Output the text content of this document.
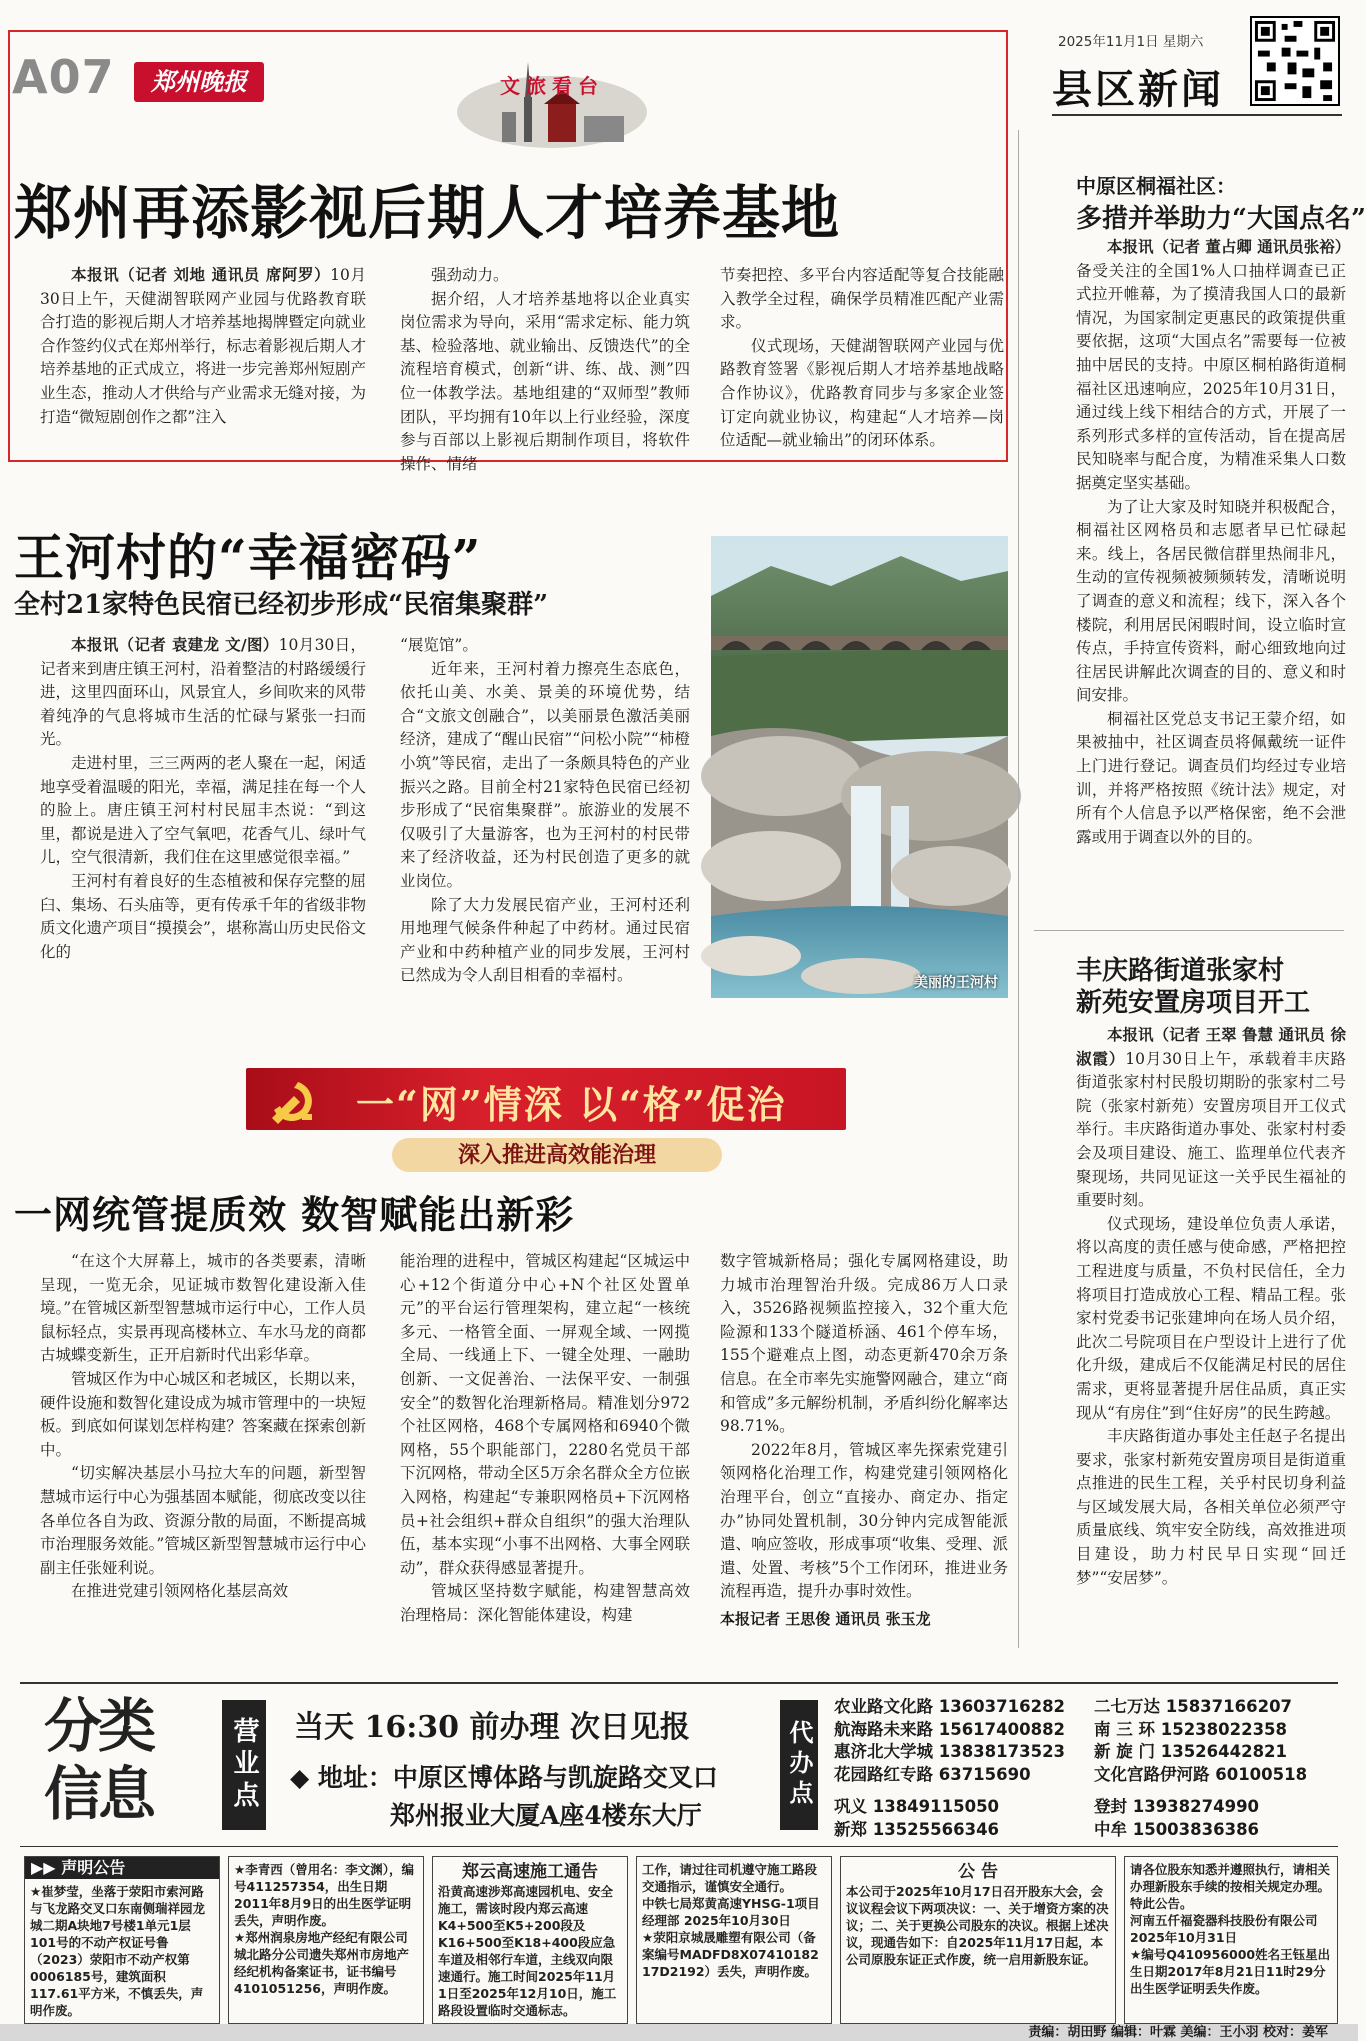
A07	郑州晚报	文旅看台
2025年11月1日 星期六
县区新闻
郑州再添影视后期人才培养基地

本报讯（记者 刘地 通讯员 席阿罗）10月30日上午，天健湖智联网产业园与优路教育联合打造的影视后期人才培养基地揭牌暨定向就业合作签约仪式在郑州举行，标志着影视后期人才培养基地的正式成立，将进一步完善郑州短剧产业生态，推动人才供给与产业需求无缝对接，为打造“微短剧创作之都”注入

强劲动力。

据介绍，人才培养基地将以企业真实岗位需求为导向，采用“需求定标、能力筑基、检验落地、就业输出、反馈迭代”的全流程培育模式，创新“讲、练、战、测”四位一体教学法。基地组建的“双师型”教师团队，平均拥有10年以上行业经验，深度参与百部以上影视后期制作项目，将软件操作、情绪

节奏把控、多平台内容适配等复合技能融入教学全过程，确保学员精准匹配产业需求。

仪式现场，天健湖智联网产业园与优路教育签署《影视后期人才培养基地战略合作协议》，优路教育同步与多家企业签订定向就业协议，构建起“人才培养—岗位适配—就业输出”的闭环体系。

王河村的“幸福密码”
全村21家特色民宿已经初步形成“民宿集聚群”

本报讯（记者 袁建龙 文/图）10月30日，记者来到唐庄镇王河村，沿着整洁的村路缓缓行进，这里四面环山，风景宜人，乡间吹来的风带着纯净的气息将城市生活的忙碌与紧张一扫而光。

走进村里，三三两两的老人聚在一起，闲适地享受着温暖的阳光，幸福，满足挂在每一个人的脸上。唐庄镇王河村村民屈丰杰说：“到这里，都说是进入了空气氧吧，花香气儿、绿叶气儿，空气很清新，我们住在这里感觉很幸福。”

王河村有着良好的生态植被和保存完整的屈臼、集场、石头庙等，更有传承千年的省级非物质文化遗产项目“摸摸会”，堪称嵩山历史民俗文化的

“展览馆”。

近年来，王河村着力擦亮生态底色，依托山美、水美、景美的环境优势，结合“文旅文创融合”，以美丽景色激活美丽经济，建成了“醒山民宿”“问松小院”“柿橙小筑”等民宿，走出了一条颇具特色的产业振兴之路。目前全村21家特色民宿已经初步形成了“民宿集聚群”。旅游业的发展不仅吸引了大量游客，也为王河村的村民带来了经济收益，还为村民创造了更多的就业岗位。

除了大力发展民宿产业，王河村还利用地理气候条件种起了中药材。通过民宿产业和中药种植产业的同步发展，王河村已然成为令人刮目相看的幸福村。	美丽的王河村
一“网”情深 以“格”促治
深入推进高效能治理
一网统管提质效 数智赋能出新彩

“在这个大屏幕上，城市的各类要素，清晰呈现，一览无余，见证城市数智化建设渐入佳境。”在管城区新型智慧城市运行中心，工作人员鼠标轻点，实景再现高楼林立、车水马龙的商都古城蝶变新生，正开启新时代出彩华章。

管城区作为中心城区和老城区，长期以来，硬件设施和数智化建设成为城市管理中的一块短板。到底如何谋划怎样构建？答案藏在探索创新中。

“切实解决基层小马拉大车的问题，新型智慧城市运行中心为强基固本赋能，彻底改变以往各单位各自为政、资源分散的局面，不断提高城市治理服务效能。”管城区新型智慧城市运行中心副主任张娅利说。

在推进党建引领网格化基层高效

能治理的进程中，管城区构建起“区城运中心+12个街道分中心+N个社区处置单元”的平台运行管理架构，建立起“一核统多元、一格管全面、一屏观全域、一网揽全局、一线通上下、一键全处理、一融助创新、一文促善治、一法保平安、一制强安全”的数智化治理新格局。精准划分972个社区网格，468个专属网格和6940个微网格，55个职能部门，2280名党员干部下沉网格，带动全区5万余名群众全方位嵌入网格，构建起“专兼职网格员+下沉网格员+社会组织+群众自组织”的强大治理队伍，基本实现“小事不出网格、大事全网联动”，群众获得感显著提升。

管城区坚持数字赋能，构建智慧高效治理格局：深化智能体建设，构建

数字管城新格局；强化专属网格建设，助力城市治理智治升级。完成86万人口录入，3526路视频监控接入，32个重大危险源和133个隧道桥涵、461个停车场，155个避难点上图，动态更新470余万条信息。在全市率先实施警网融合，建立“商和管成”多元解纷机制，矛盾纠纷化解率达98.71%。

2022年8月，管城区率先探索党建引领网格化治理工作，构建党建引领网格化治理平台，创立“直接办、商定办、指定办”协同处置机制，30分钟内完成智能派遣、响应签收，形成事项“收集、受理、派遣、处置、考核”5个工作闭环，推进业务流程再造，提升办事时效性。

本报记者 王思俊 通讯员 张玉龙
中原区桐福社区：
多措并举助力“大国点名”

本报讯（记者 董占卿 通讯员张裕）备受关注的全国1%人口抽样调查已正式拉开帷幕，为了摸清我国人口的最新情况，为国家制定更惠民的政策提供重要依据，这项“大国点名”需要每一位被抽中居民的支持。中原区桐柏路街道桐福社区迅速响应，2025年10月31日，通过线上线下相结合的方式，开展了一系列形式多样的宣传活动，旨在提高居民知晓率与配合度，为精准采集人口数据奠定坚实基础。

为了让大家及时知晓并积极配合，桐福社区网格员和志愿者早已忙碌起来。线上，各居民微信群里热闹非凡，生动的宣传视频被频频转发，清晰说明了调查的意义和流程；线下，深入各个楼院，利用居民闲暇时间，设立临时宣传点，手持宣传资料，耐心细致地向过往居民讲解此次调查的目的、意义和时间安排。

桐福社区党总支书记王蒙介绍，如果被抽中，社区调查员将佩戴统一证件上门进行登记。调查员们均经过专业培训，并将严格按照《统计法》规定，对所有个人信息予以严格保密，绝不会泄露或用于调查以外的目的。

丰庆路街道张家村
新苑安置房项目开工

本报讯（记者 王翠 鲁慧 通讯员 徐淑霞）10月30日上午，承载着丰庆路街道张家村村民殷切期盼的张家村二号院（张家村新苑）安置房项目开工仪式举行。丰庆路街道办事处、张家村村委会及项目建设、施工、监理单位代表齐聚现场，共同见证这一关乎民生福祉的重要时刻。

仪式现场，建设单位负责人承诺，将以高度的责任感与使命感，严格把控工程进度与质量，不负村民信任，全力将项目打造成放心工程、精品工程。张家村党委书记张建坤向在场人员介绍，此次二号院项目在户型设计上进行了优化升级，建成后不仅能满足村民的居住需求，更将显著提升居住品质，真正实现从“有房住”到“住好房”的民生跨越。

丰庆路街道办事处主任赵子名提出要求，张家村新苑安置房项目是街道重点推进的民生工程，关乎村民切身利益与区域发展大局，各相关单位必须严守质量底线、筑牢安全防线，高效推进项目建设，助力村民早日实现“回迁梦”“安居梦”。

分类
信息	营业点 当天 16:30 前办理 次日见报
◆ 地址：中原区博体路与凯旋路交叉口
郑州报业大厦A座4楼东大厅
代办点
农业路文化路 13603716282	二七万达 15837166207
航海路未来路 15617400882	南 三 环 15238022358
惠济北大学城 13838173523	新 旋 门 13526442821
花园路红专路 63715690	文化宫路伊河路 60100518
巩义 13849115050	登封 13938274990
新郑 13525566346	中牟 15003836386
▶▶ 声明公告
★崔梦莹，坐落于荥阳市索河路与飞龙路交叉口东南侧瑞祥园龙城二期A块地7号楼1单元1层101号的不动产权证号鲁（2023）荥阳市不动产权第0006185号，建筑面积117.61平方米，不慎丢失，声明作废。
★李青西（曾用名：李文渊），编号411257354，出生日期2011年8月9日的出生医学证明丢失，声明作废。
★郑州润泉房地产经纪有限公司城北路分公司遗失郑州市房地产经纪机构备案证书，证书编号4101051256，声明作废。
郑云高速施工通告
沿黄高速涉郑高速园机电、安全施工，需该时段内郑云高速K4+500至K5+200段及K16+500至K18+400段应急车道及相邻行车道，主线双向限速通行。施工时间2025年11月1日至2025年12月10日，施工路段设置临时交通标志。
工作，请过往司机遵守施工路段交通指示，谨慎安全通行。
中铁七局郑黄高速YHSG-1项目经理部 2025年10月30日
★荥阳京城晟雕塑有限公司（备案编号MADFD8X07410182 17D2192）丢失，声明作废。
公 告
本公司于2025年10月17日召开股东大会，会议议程会议下两项决议：一、关于增资方案的决议；二、关于更换公司股东的决议。根据上述决议，现通告如下：自2025年11月17日起，本公司原股东证正式作废，统一启用新股东证。
请各位股东知悉并遵照执行，请相关办理新股东手续的按相关规定办理。特此公告。
河南五仟福瓷器科技股份有限公司 2025年10月31日
★编号Q410956000姓名王钰星出生日期2017年8月21日11时29分出生医学证明丢失作废。
责编：胡田野 编辑：叶霖 美编：王小羽 校对：姜军
